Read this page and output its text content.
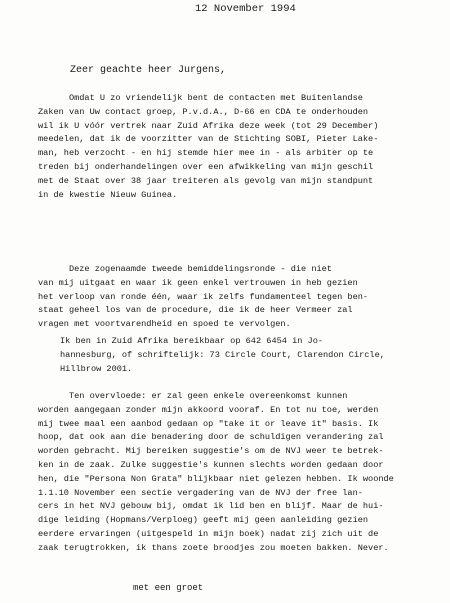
12 November 1994
Zeer geachte heer Jurgens,

Omdat U zo vriendelijk bent de contacten met Buitenlandse
Zaken van Uw contact groep, P.v.d.A., D-66 en CDA te onderhouden
wil ik U vóór vertrek naar Zuid Afrika deze week (tot 29 December)
meedelen, dat ik de voorzitter van de Stichting SOBI, Pieter Lake-
man, heb verzocht - en hij stemde hier mee in - als arbiter op te
treden bij onderhandelingen over een afwikkeling van mijn geschil
met de Staat over 38 jaar treiteren als gevolg van mijn standpunt
in de kwestie Nieuw Guinea.

Deze zogenaamde tweede bemiddelingsronde - die niet
van mij uitgaat en waar ik geen enkel vertrouwen in heb gezien
het verloop van ronde één, waar ik zelfs fundamenteel tegen ben-
staat geheel los van de procedure, die ik de heer Vermeer zal
vragen met voortvarendheid en spoed te vervolgen.

Ik ben in Zuid Afrika bereikbaar op 642 6454 in Jo-
hannesburg, of schriftelijk: 73 Circle Court, Clarendon Circle,
Hillbrow 2001.

Ten overvloede: er zal geen enkele overeenkomst kunnen
worden aangegaan zonder mijn akkoord vooraf. En tot nu toe, werden
mij twee maal een aanbod gedaan op "take it or leave it" basis. Ik
hoop, dat ook aan die benadering door de schuldigen verandering zal
worden gebracht. Mij bereiken suggestie's om de NVJ weer te betrek-
ken in de zaak. Zulke suggestie's kunnen slechts worden gedaan door
hen, die "Persona Non Grata" blijkbaar niet gelezen hebben. Ik woonde
1.1.10 November een sectie vergadering van de NVJ der free lan-
cers in het NVJ gebouw bij, omdat ik lid ben en blijf. Maar de hui-
dige leiding (Hopmans/Verploeg) geeft mij geen aanleiding gezien
eerdere ervaringen (uitgespeld in mijn boek) nadat zij zich uit de
zaak terugtrokken, ik thans zoete broodjes zou moeten bakken. Never.

met een groet
